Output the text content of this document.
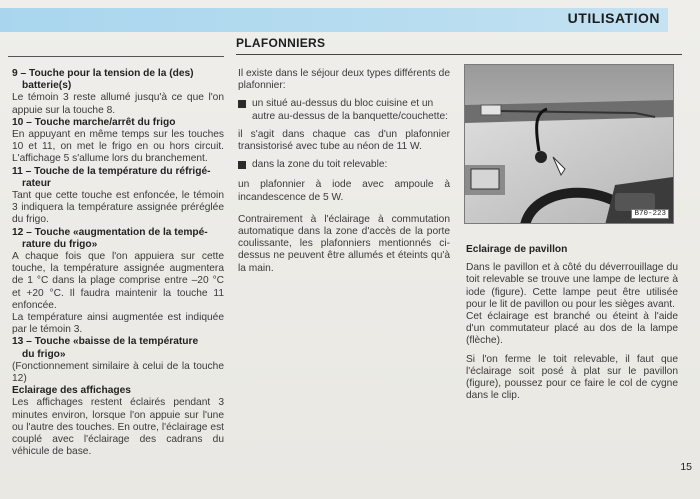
UTILISATION
PLAFONNIERS
9 – Touche pour la tension de la (des)
batterie(s)
Le témoin 3 reste allumé jusqu'à ce que l'on appuie sur la touche 8.
10 – Touche marche/arrêt du frigo
En appuyant en même temps sur les touches 10 et 11, on met le frigo en ou hors circuit. L'affichage 5 s'allume lors du branchement.
11 – Touche de la température du réfrigé-
rateur
Tant que cette touche est enfoncée, le témoin 3 indiquera la température assignée préréglée du frigo.
12 – Touche «augmentation de la tempé-
rature du frigo»
A chaque fois que l'on appuiera sur cette touche, la température assignée augmentera de 1 °C dans la plage comprise entre –20 °C et +20 °C. Il faudra maintenir la touche 11 enfoncée.
La température ainsi augmentée est indiquée par le témoin 3.
13 – Touche «baisse de la température
du frigo»
(Fonctionnement similaire à celui de la touche 12)
Eclairage des affichages
Les affichages restent éclairés pendant 3 minutes environ, lorsque l'on appuie sur l'une ou l'autre des touches. En outre, l'éclairage est couplé avec l'éclairage des cadrans du véhicule de base.
Il existe dans le séjour deux types différents de plafonnier:
un situé au-dessus du bloc cuisine et un autre au-dessus de la banquette/couchette:
il s'agit dans chaque cas d'un plafonnier transistorisé avec tube au néon de 11 W.
dans la zone du toit relevable:
un plafonnier à iode avec ampoule à incandescence de 5 W.
Contrairement à l'éclairage à commutation automatique dans la zone d'accès de la porte coulissante, les plafonniers mentionnés ci-dessus ne peuvent être allumés et éteints qu'à la main.
B70-223
Eclairage de pavillon
Dans le pavillon et à côté du déverrouillage du toit relevable se trouve une lampe de lecture à iode (figure). Cette lampe peut être utilisée pour le lit de pavillon ou pour les sièges avant.
Cet éclairage est branché ou éteint à l'aide d'un commutateur placé au dos de la lampe (flèche).
Si l'on ferme le toit relevable, il faut que l'éclairage soit posé à plat sur le pavillon (figure), poussez pour ce faire le col de cygne dans le clip.
15
